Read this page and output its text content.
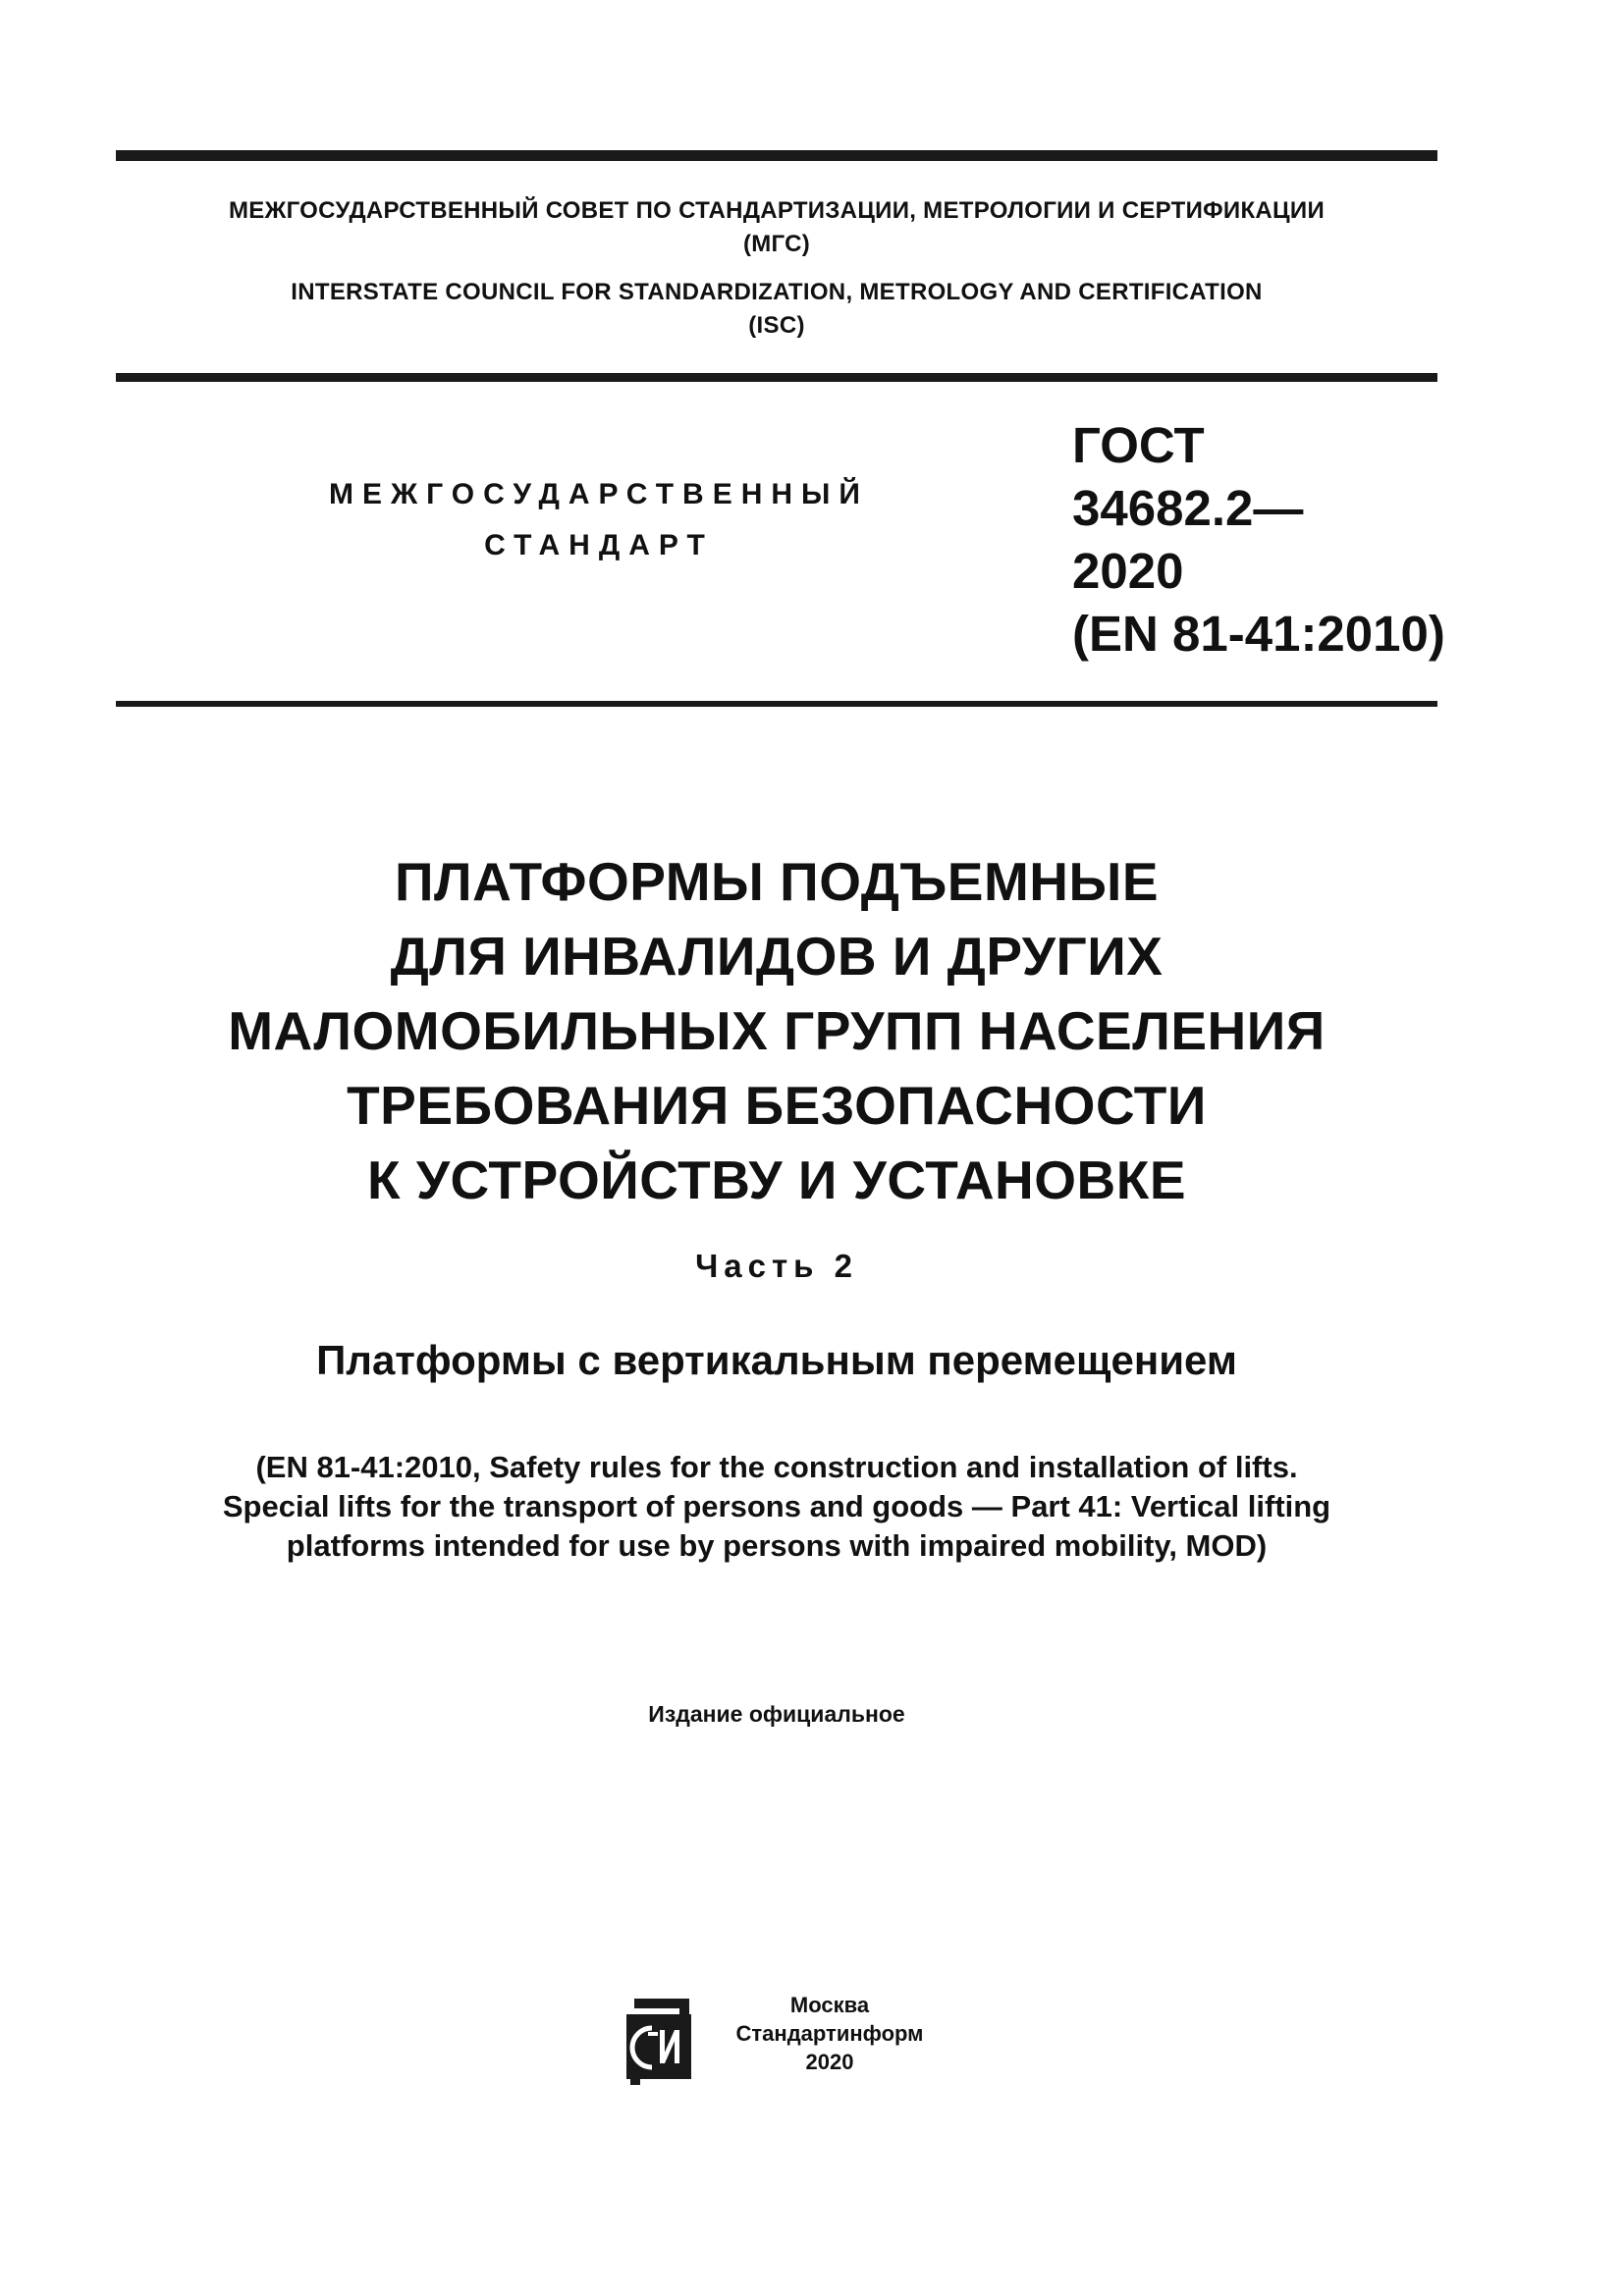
МЕЖГОСУДАРСТВЕННЫЙ СОВЕТ ПО СТАНДАРТИЗАЦИИ, МЕТРОЛОГИИ И СЕРТИФИКАЦИИ
(МГС)
INTERSTATE COUNCIL FOR STANDARDIZATION, METROLOGY AND CERTIFICATION
(ISC)
МЕЖГОСУДАРСТВЕННЫЙ
СТАНДАРТ
ГОСТ
34682.2—
2020
(EN 81-41:2010)
ПЛАТФОРМЫ ПОДЪЕМНЫЕ
ДЛЯ ИНВАЛИДОВ И ДРУГИХ
МАЛОМОБИЛЬНЫХ ГРУПП НАСЕЛЕНИЯ
ТРЕБОВАНИЯ БЕЗОПАСНОСТИ
К УСТРОЙСТВУ И УСТАНОВКЕ
Часть 2
Платформы с вертикальным перемещением
(EN 81-41:2010, Safety rules for the construction and installation of lifts.
Special lifts for the transport of persons and goods — Part 41: Vertical lifting
platforms intended for use by persons with impaired mobility, MOD)
Издание официальное
Москва
Стандартинформ
2020
